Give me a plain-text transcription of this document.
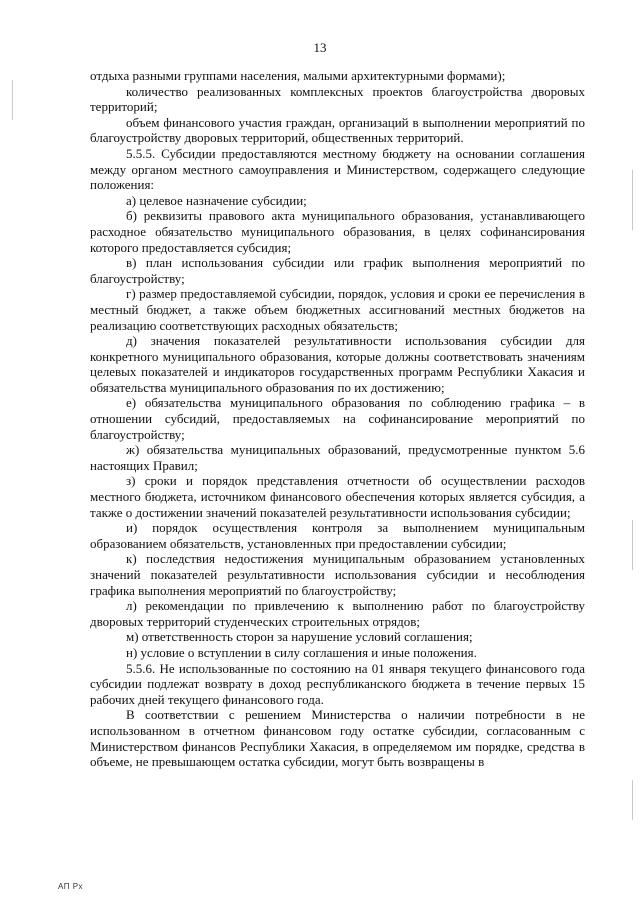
13

отдыха разными группами населения, малыми архитектурными формами);

количество реализованных комплексных проектов благоустройства дворовых территорий;

объем финансового участия граждан, организаций в выполнении мероприятий по благоустройству дворовых территорий, общественных территорий.

5.5.5. Субсидии предоставляются местному бюджету на основании соглашения между органом местного самоуправления и Министерством, содержащего следующие положения:

а) целевое назначение субсидии;

б) реквизиты правового акта муниципального образования, устанавливающего расходное обязательство муниципального образования, в целях софинансирования которого предоставляется субсидия;

в) план использования субсидии или график выполнения мероприятий по благоустройству;

г) размер предоставляемой субсидии, порядок, условия и сроки ее перечисления в местный бюджет, а также объем бюджетных ассигнований местных бюджетов на реализацию соответствующих расходных обязательств;

д) значения показателей результативности использования субсидии для конкретного муниципального образования, которые должны соответствовать значениям целевых показателей и индикаторов государственных программ Республики Хакасия и обязательства муниципального образования по их достижению;

е) обязательства муниципального образования по соблюдению графика – в отношении субсидий, предоставляемых на софинансирование мероприятий по благоустройству;

ж) обязательства муниципальных образований, предусмотренные пунктом 5.6 настоящих Правил;

з) сроки и порядок представления отчетности об осуществлении расходов местного бюджета, источником финансового обеспечения которых является субсидия, а также о достижении значений показателей результативности использования субсидии;

и) порядок осуществления контроля за выполнением муниципальным образованием обязательств, установленных при предоставлении субсидии;

к) последствия недостижения муниципальным образованием установленных значений показателей результативности использования субсидии и несоблюдения графика выполнения мероприятий по благоустройству;

л) рекомендации по привлечению к выполнению работ по благоустройству дворовых территорий студенческих строительных отрядов;

м) ответственность сторон за нарушение условий соглашения;

н) условие о вступлении в силу соглашения и иные положения.

5.5.6. Не использованные по состоянию на 01 января текущего финансового года субсидии подлежат возврату в доход республиканского бюджета в течение первых 15 рабочих дней текущего финансового года.

В соответствии с решением Министерства о наличии потребности в не использованном в отчетном финансовом году остатке субсидии, согласованным с Министерством финансов Республики Хакасия, в определяемом им порядке, средства в объеме, не превышающем остатка субсидии, могут быть возвращены в

АП Рх
